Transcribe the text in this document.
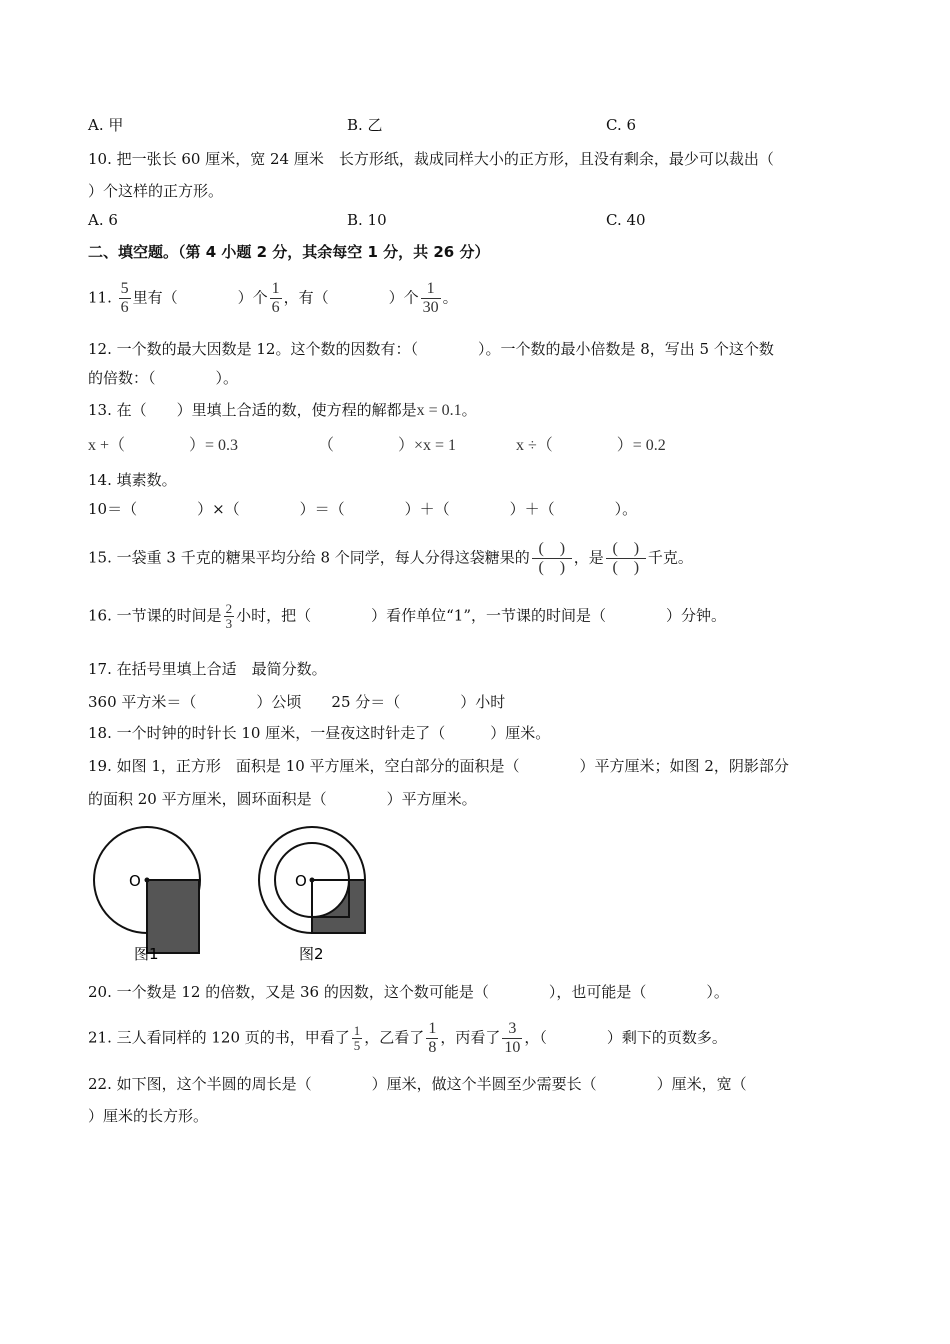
A. 甲	B. 乙	C. 6
10. 把一张长 60 厘米，宽 24 厘米　长方形纸，裁成同样大小的正方形，且没有剩余，最少可以裁出（
）个这样的正方形。
A. 6	B. 10	C. 40
二、填空题。（第 4 小题 2 分，其余每空 1 分，共 26 分）
11. $\frac{5}{6}$ 里有（　　　　）个 $\frac{1}{6}$ ，有（　　　　）个 $\frac{1}{30}$ 。
12. 一个数的最大因数是 12。这个数的因数有：（　　　　）。一个数的最小倍数是 8，写出 5 个这个数
的倍数：（　　　　）。
13. 在（　　）里填上合适的数，使方程的解都是x = 0.1。
x +（　　　　）= 0.3	（　　　　）×x = 1	x ÷（　　　　）= 0.2
14. 填素数。
10＝（　　　　）×（　　　　）＝（　　　　）＋（　　　　）＋（　　　　）。
15. 一袋重 3 千克的糖果平均分给 8 个同学，每人分得这袋糖果的 $\frac{( )}{( )}$ ，是 $\frac{( )}{( )}$ 千克。
16. 一节课的时间是 $\frac{2}{3}$ 小时，把（　　　　）看作单位“1”，一节课的时间是（　　　　）分钟。
17. 在括号里填上合适　最简分数。
360 平方米＝（　　　　）公顷　　25 分＝（　　　　）小时
18. 一个时钟的时针长 10 厘米，一昼夜这时针走了（　　　）厘米。
19. 如图 1，正方形　面积是 10 平方厘米，空白部分的面积是（　　　　）平方厘米；如图 2，阴影部分
的面积 20 平方厘米，圆环面积是（　　　　）平方厘米。
O
图1
O
图2
20. 一个数是 12 的倍数，又是 36 的因数，这个数可能是（　　　　），也可能是（　　　　）。
21. 三人看同样的 120 页的书，甲看了 $\frac{1}{5}$ ，乙看了 $\frac{1}{8}$ ，丙看了 $\frac{3}{10}$ ，（　　　　）剩下的页数多。
22. 如下图，这个半圆的周长是（　　　　）厘米，做这个半圆至少需要长（　　　　）厘米，宽（
）厘米的长方形。
